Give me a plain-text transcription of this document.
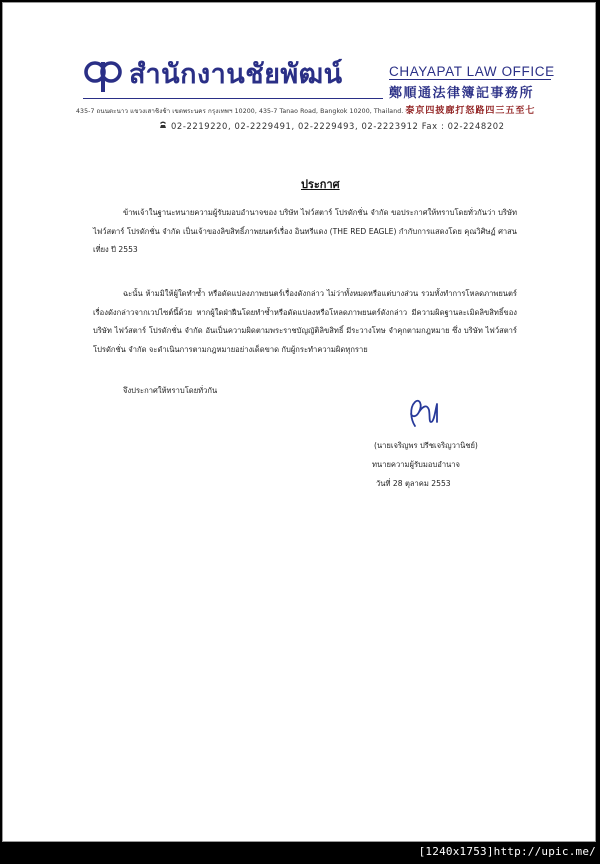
สำนักงานชัยพัฒน์	CHAYAPAT LAW OFFICE
鄭順通法律簿記事務所
435-7 ถนนตะนาว แขวงเสาชิงช้า เขตพระนคร กรุงเทพฯ 10200, 435-7 Tanao Road, Bangkok 10200, Thailand. 泰京四披廊打怒路四三五至七
02-2219220, 02-2229491, 02-2229493, 02-2223912 Fax : 02-2248202
ประกาศ

ข้าพเจ้าในฐานะทนายความผู้รับมอบอำนาจของ บริษัท ไฟว์สตาร์ โปรดักชั่น จำกัด ขอประกาศให้ทราบโดยทั่วกันว่า บริษัท ไฟว์สตาร์ โปรดักชั่น จำกัด เป็นเจ้าของลิขสิทธิ์ภาพยนตร์เรื่อง อินทรีแดง (THE RED EAGLE) กำกับการแสดงโดย คุณวิศิษฏ์ ศาสนเที่ยง ปี 2553

ฉะนั้น ห้ามมิให้ผู้ใดทำซ้ำ หรือดัดแปลงภาพยนตร์เรื่องดังกล่าว ไม่ว่าทั้งหมดหรือแต่บางส่วน รวมทั้งทำการโหลดภาพยนตร์เรื่องดังกล่าวจากเวปไซต์นี้ด้วย หากผู้ใดฝ่าฝืนโดยทำซ้ำหรือดัดแปลงหรือโหลดภาพยนตร์ดังกล่าว มีความผิดฐานละเมิดลิขสิทธิ์ของบริษัท ไฟว์สตาร์ โปรดักชั่น จำกัด อันเป็นความผิดตามพระราชบัญญัติลิขสิทธิ์ มีระวางโทษ จำคุกตามกฎหมาย ซึ่ง บริษัท ไฟว์สตาร์ โปรดักชั่น จำกัด จะดำเนินการตามกฎหมายอย่างเด็ดขาด กับผู้กระทำความผิดทุกราย

จึงประกาศให้ทราบโดยทั่วกัน

(นายเจริญพร ปรีชเจริญวานิชย์)
ทนายความผู้รับมอบอำนาจ
วันที่ 28 ตุลาคม 2553
[1240x1753]http://upic.me/
